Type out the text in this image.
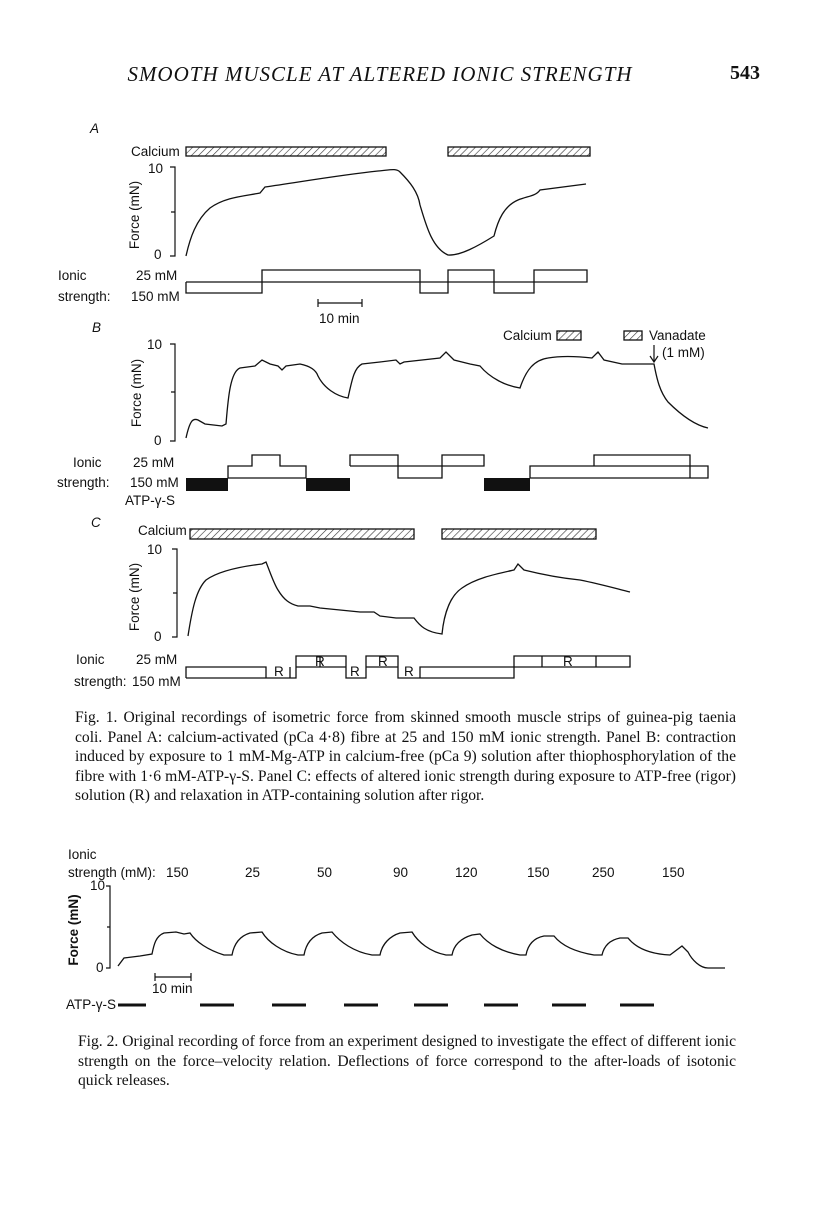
SMOOTH MUSCLE AT ALTERED IONIC STRENGTH	543
A
Calcium
10
0
Force (mN)
Ionic
strength:
25 mM
150 mM
10 min
B
Calcium	Vanadate
(1 mM)
10
0
Force (mN)
Ionic
strength:
25 mM
150 mM
ATP-γ-S
C
Calcium
10
0
Force (mN)
Ionic
strength:
25 mM
150 mM
R
R
R
R
R
R
Fig. 1. Original recordings of isometric force from skinned smooth muscle strips of guinea-pig taenia coli. Panel A: calcium-activated (pCa 4·8) fibre at 25 and 150 mM ionic strength. Panel B: contraction induced by exposure to 1 mM-Mg-ATP in calcium-free (pCa 9) solution after thiophosphorylation of the fibre with 1·6 mM-ATP-γ-S. Panel C: effects of altered ionic strength during exposure to ATP-free (rigor) solution (R) and relaxation in ATP-containing solution after rigor.
Ionic
strength (mM): 150	25	50	90	120	150	250	150
10
0
Force (mN)
10 min
ATP-γ-S
Fig. 2. Original recording of force from an experiment designed to investigate the effect of different ionic strength on the force–velocity relation. Deflections of force correspond to the after-loads of isotonic quick releases.
